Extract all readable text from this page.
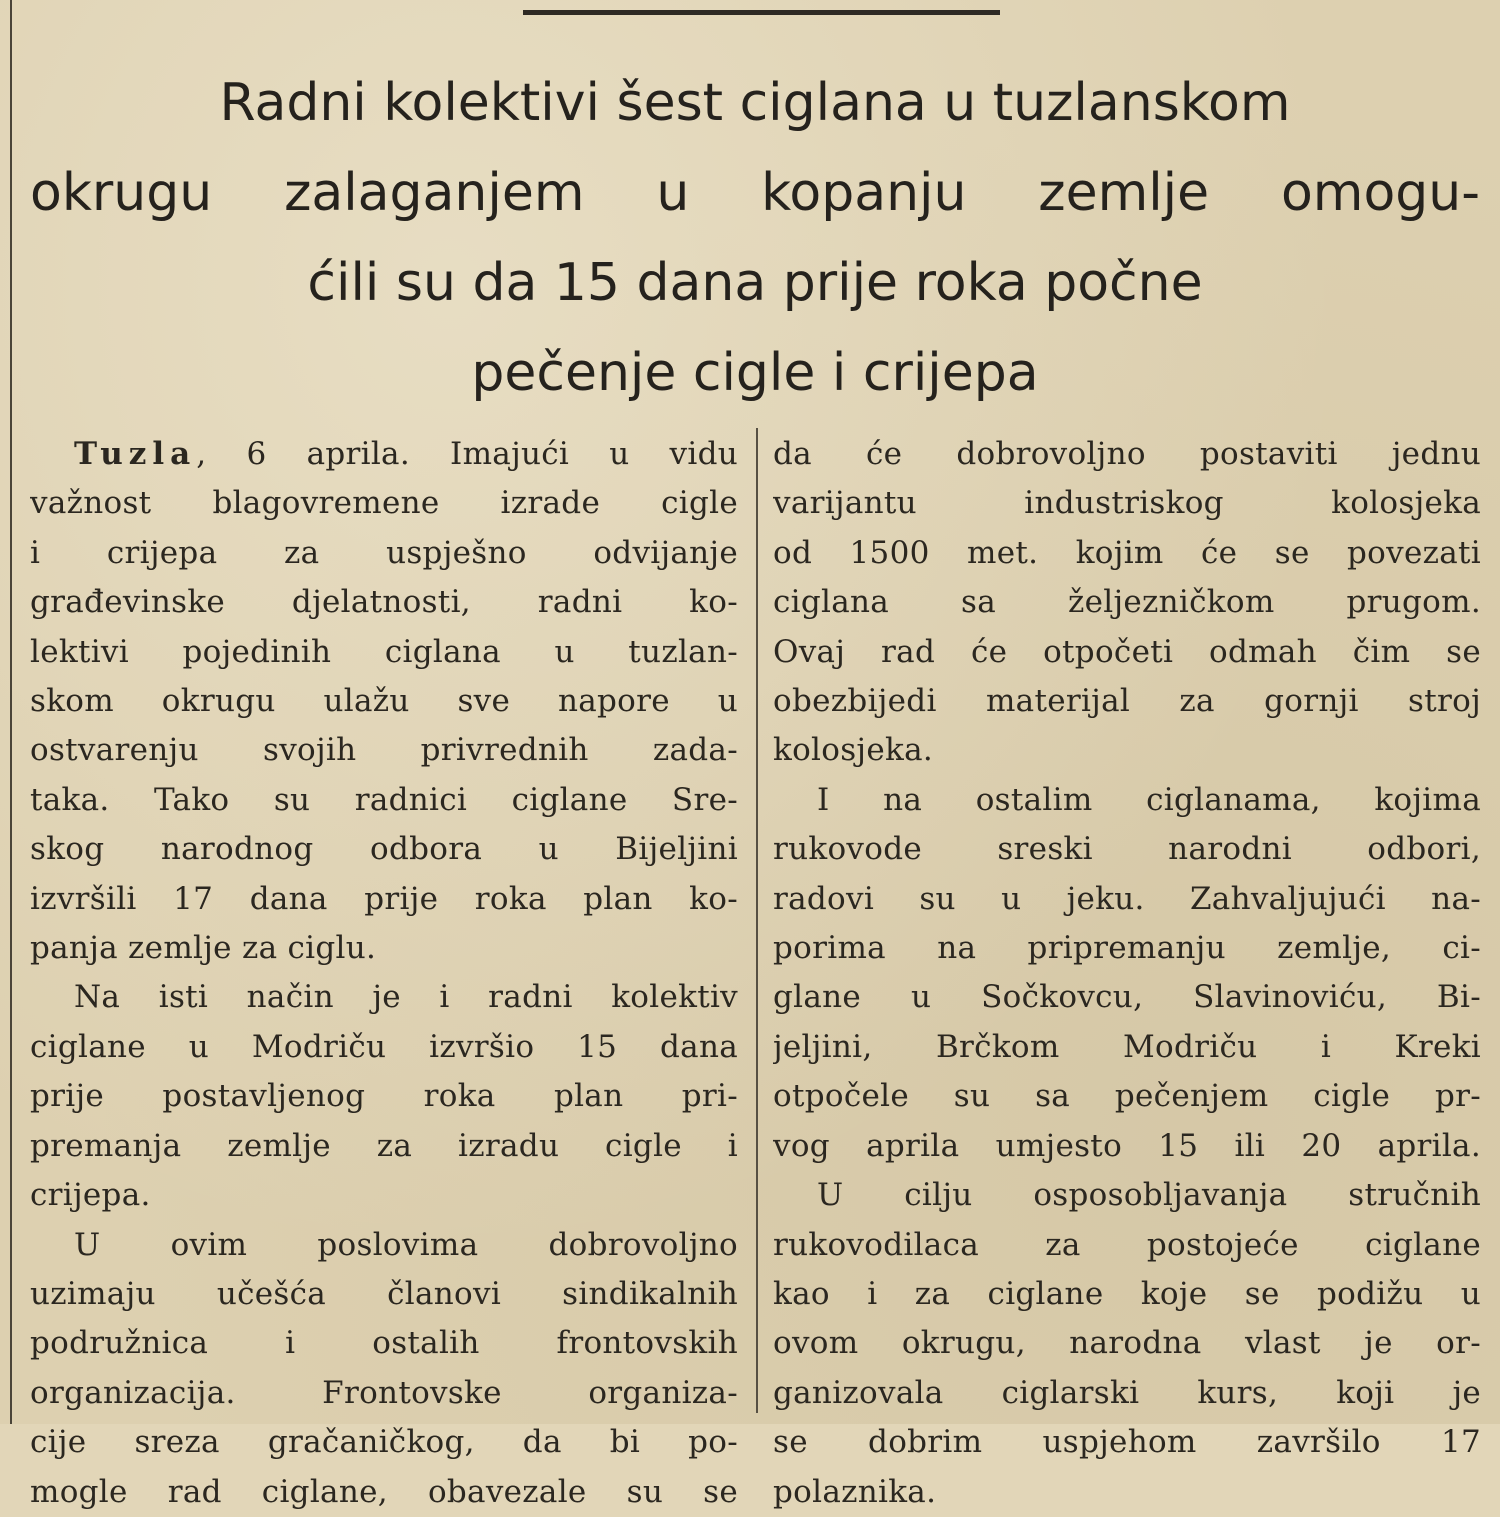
Radni kolektivi šest ciglana u tuzlanskom
okrugu zalaganjem u kopanju zemlje omogu-
ćili su da 15 dana prije roka počne
pečenje cigle i crijepa
Tuzla, 6 aprila. Imajući u vidu
važnost blagovremene izrade cigle
i crijepa za uspješno odvijanje
građevinske djelatnosti, radni ko-
lektivi pojedinih ciglana u tuzlan-
skom okrugu ulažu sve napore u
ostvarenju svojih privrednih zada-
taka. Tako su radnici ciglane Sre-
skog narodnog odbora u Bijeljini
izvršili 17 dana prije roka plan ko-
panja zemlje za ciglu.
Na isti način je i radni kolektiv
ciglane u Modriču izvršio 15 dana
prije postavljenog roka plan pri-
premanja zemlje za izradu cigle i
crijepa.
U ovim poslovima dobrovoljno
uzimaju učešća članovi sindikalnih
podružnica i ostalih frontovskih
organizacija. Frontovske organiza-
cije sreza gračaničkog, da bi po-
mogle rad ciglane, obavezale su se
da će dobrovoljno postaviti jednu
varijantu industriskog kolosjeka
od 1500 met. kojim će se povezati
ciglana sa željezničkom prugom.
Ovaj rad će otpočeti odmah čim se
obezbijedi materijal za gornji stroj
kolosjeka.
I na ostalim ciglanama, kojima
rukovode sreski narodni odbori,
radovi su u jeku. Zahvaljujući na-
porima na pripremanju zemlje, ci-
glane u Sočkovcu, Slavinoviću, Bi-
jeljini, Brčkom Modriču i Kreki
otpočele su sa pečenjem cigle pr-
vog aprila umjesto 15 ili 20 aprila.
U cilju osposobljavanja stručnih
rukovodilaca za postojeće ciglane
kao i za ciglane koje se podižu u
ovom okrugu, narodna vlast je or-
ganizovala ciglarski kurs, koji je
se dobrim uspjehom završilo 17
polaznika.
